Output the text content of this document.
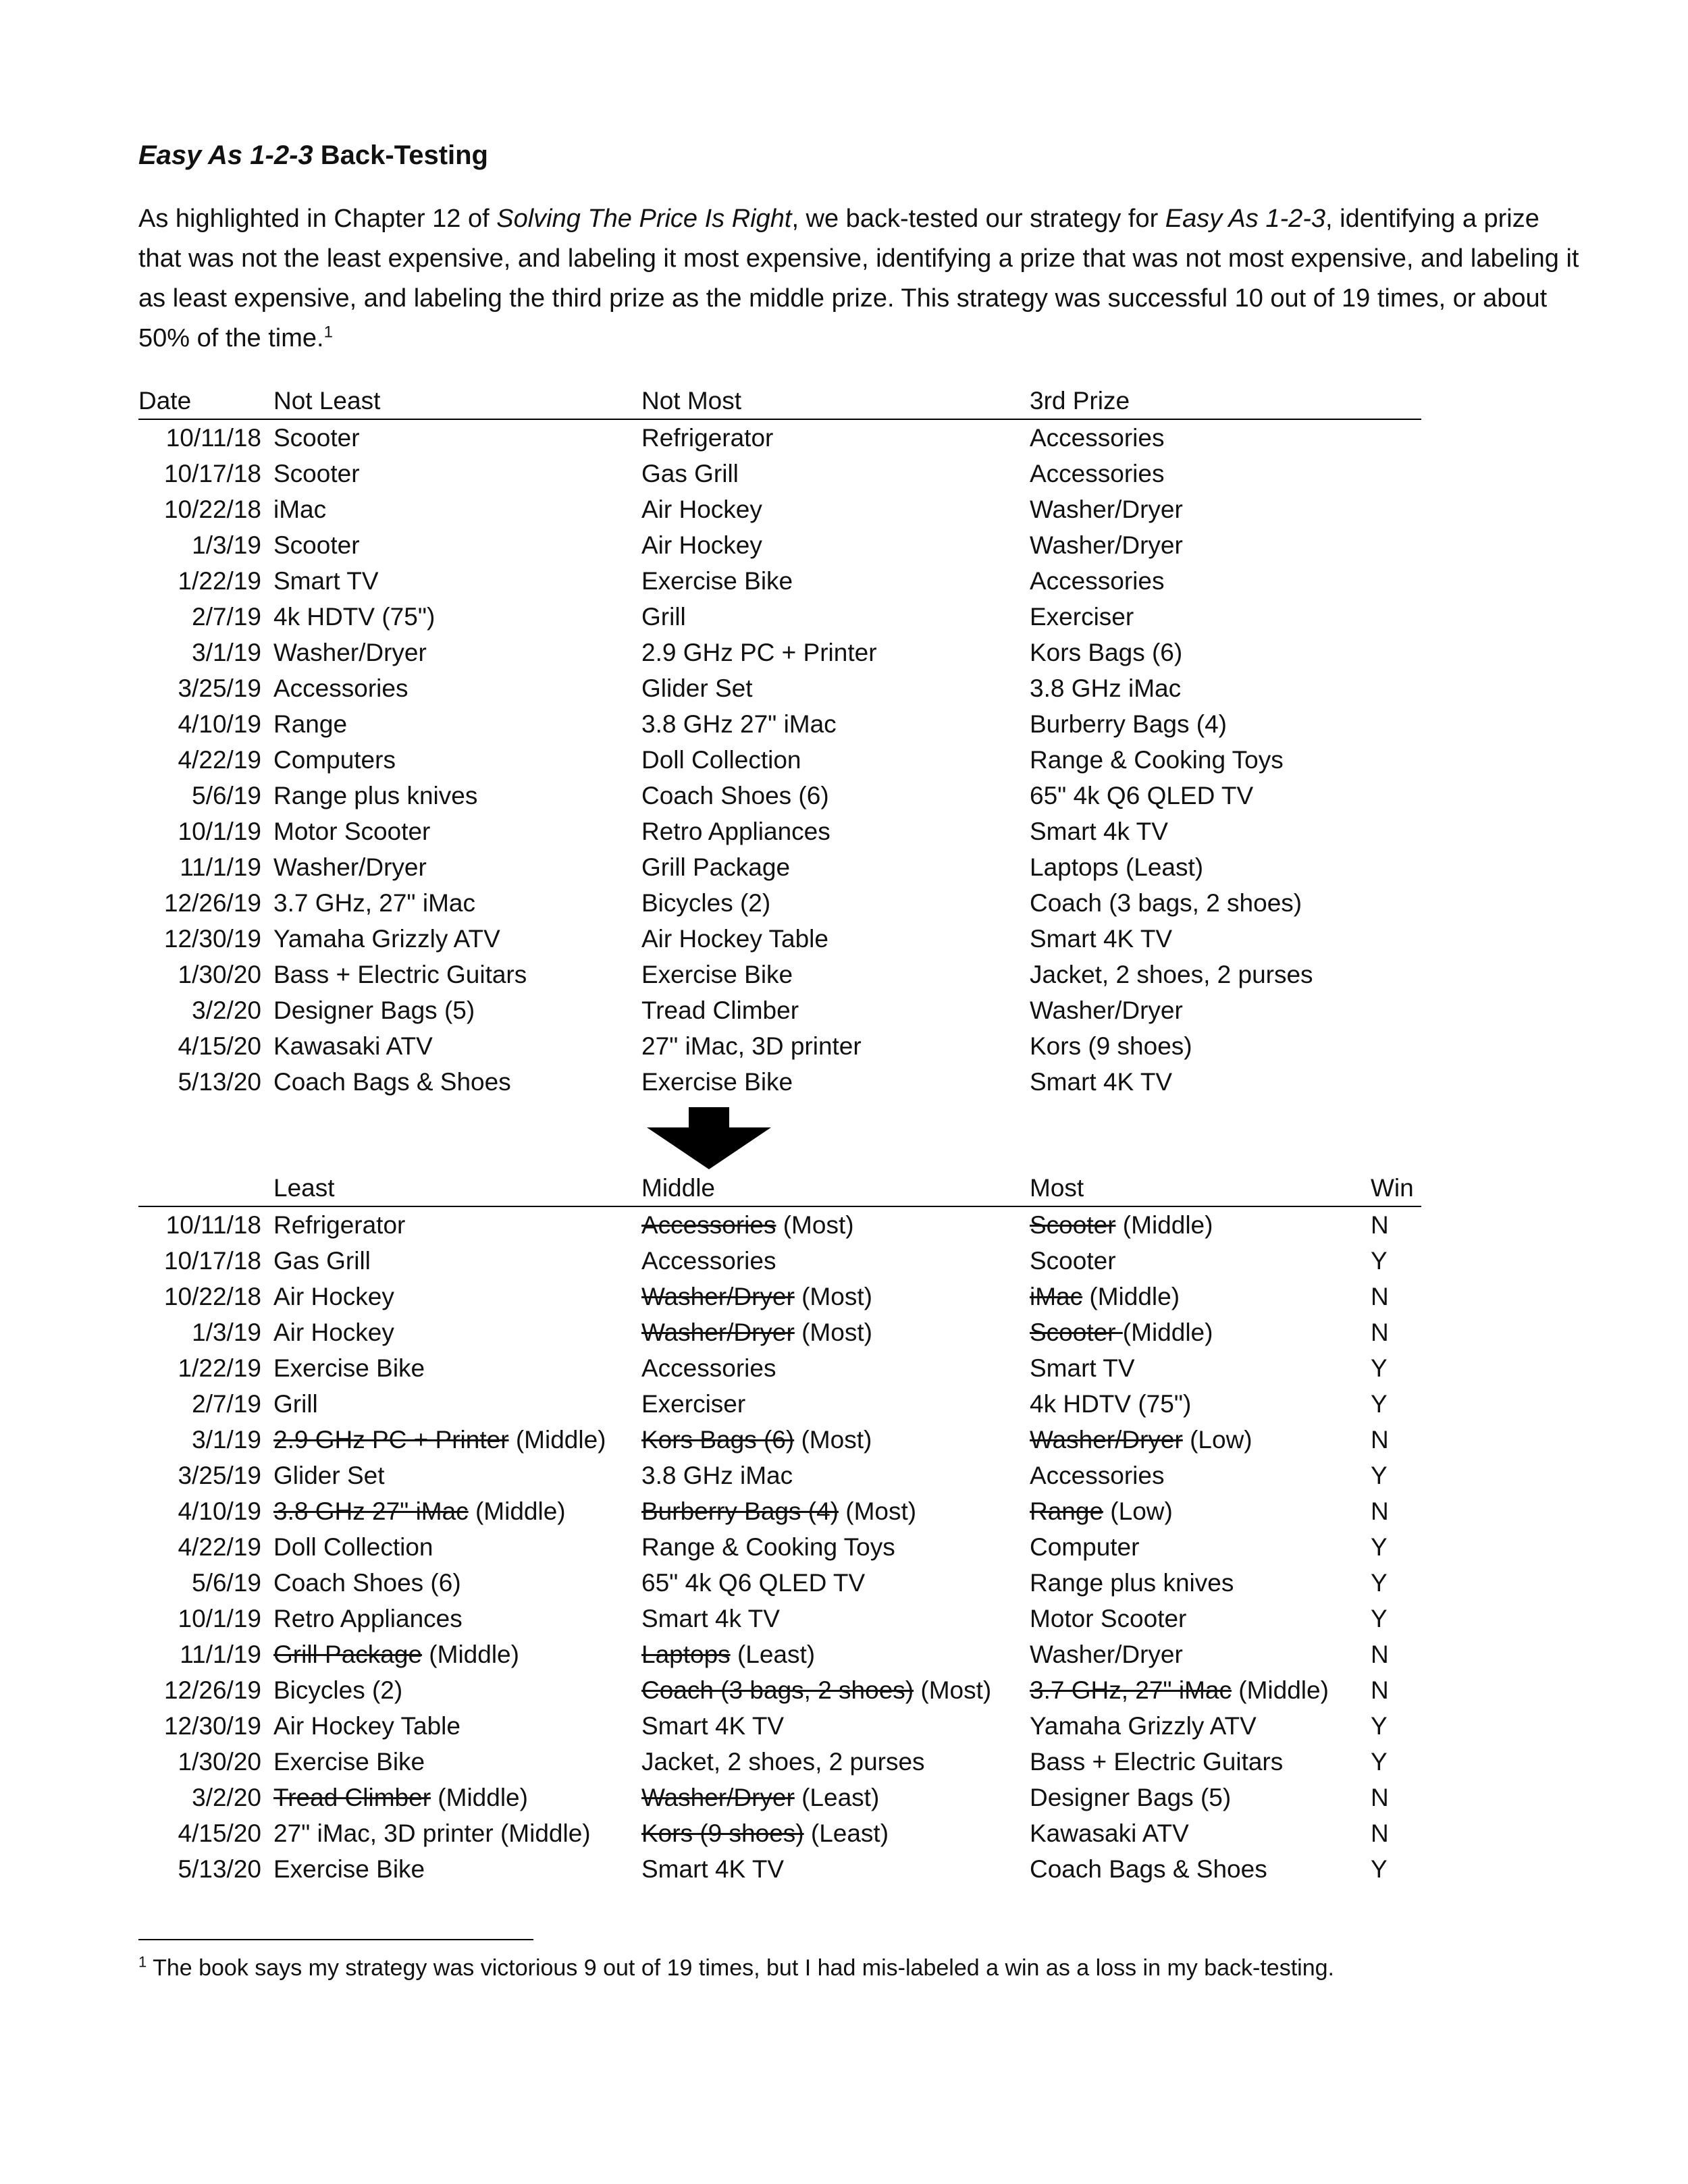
Easy As 1-2-3 Back-Testing
As highlighted in Chapter 12 of Solving The Price Is Right, we back-tested our strategy for Easy As 1-2-3, identifying a prize that was not the least expensive, and labeling it most expensive, identifying a prize that was not most expensive, and labeling it as least expensive, and labeling the third prize as the middle prize. This strategy was successful 10 out of 19 times, or about 50% of the time.$^1$
Date	Not Least	Not Most	3rd Prize
10/11/18	Scooter	Refrigerator	Accessories
10/17/18	Scooter	Gas Grill	Accessories
10/22/18	iMac	Air Hockey	Washer/Dryer
1/3/19	Scooter	Air Hockey	Washer/Dryer
1/22/19	Smart TV	Exercise Bike	Accessories
2/7/19	4k HDTV (75")	Grill	Exerciser
3/1/19	Washer/Dryer	2.9 GHz PC + Printer	Kors Bags (6)
3/25/19	Accessories	Glider Set	3.8 GHz iMac
4/10/19	Range	3.8 GHz 27" iMac	Burberry Bags (4)
4/22/19	Computers	Doll Collection	Range & Cooking Toys
5/6/19	Range plus knives	Coach Shoes (6)	65" 4k Q6 QLED TV
10/1/19	Motor Scooter	Retro Appliances	Smart 4k TV
11/1/19	Washer/Dryer	Grill Package	Laptops (Least)
12/26/19	3.7 GHz, 27" iMac	Bicycles (2)	Coach (3 bags, 2 shoes)
12/30/19	Yamaha Grizzly ATV	Air Hockey Table	Smart 4K TV
1/30/20	Bass + Electric Guitars	Exercise Bike	Jacket, 2 shoes, 2 purses
3/2/20	Designer Bags (5)	Tread Climber	Washer/Dryer
4/15/20	Kawasaki ATV	27" iMac, 3D printer	Kors (9 shoes)
5/13/20	Coach Bags & Shoes	Exercise Bike	Smart 4K TV
	Least	Middle	Most	Win
10/11/18	Refrigerator	Accessories (Most)	Scooter (Middle)	N
10/17/18	Gas Grill	Accessories	Scooter	Y
10/22/18	Air Hockey	Washer/Dryer (Most)	iMac (Middle)	N
1/3/19	Air Hockey	Washer/Dryer (Most)	Scooter (Middle)	N
1/22/19	Exercise Bike	Accessories	Smart TV	Y
2/7/19	Grill	Exerciser	4k HDTV (75")	Y
3/1/19	2.9 GHz PC + Printer (Middle)	Kors Bags (6) (Most)	Washer/Dryer (Low)	N
3/25/19	Glider Set	3.8 GHz iMac	Accessories	Y
4/10/19	3.8 GHz 27" iMac (Middle)	Burberry Bags (4) (Most)	Range (Low)	N
4/22/19	Doll Collection	Range & Cooking Toys	Computer	Y
5/6/19	Coach Shoes (6)	65" 4k Q6 QLED TV	Range plus knives	Y
10/1/19	Retro Appliances	Smart 4k TV	Motor Scooter	Y
11/1/19	Grill Package (Middle)	Laptops (Least)	Washer/Dryer	N
12/26/19	Bicycles (2)	Coach (3 bags, 2 shoes) (Most)	3.7 GHz, 27" iMac (Middle)	N
12/30/19	Air Hockey Table	Smart 4K TV	Yamaha Grizzly ATV	Y
1/30/20	Exercise Bike	Jacket, 2 shoes, 2 purses	Bass + Electric Guitars	Y
3/2/20	Tread Climber (Middle)	Washer/Dryer (Least)	Designer Bags (5)	N
4/15/20	27" iMac, 3D printer (Middle)	Kors (9 shoes) (Least)	Kawasaki ATV	N
5/13/20	Exercise Bike	Smart 4K TV	Coach Bags & Shoes	Y
$^1$ The book says my strategy was victorious 9 out of 19 times, but I had mis-labeled a win as a loss in my back-testing.
